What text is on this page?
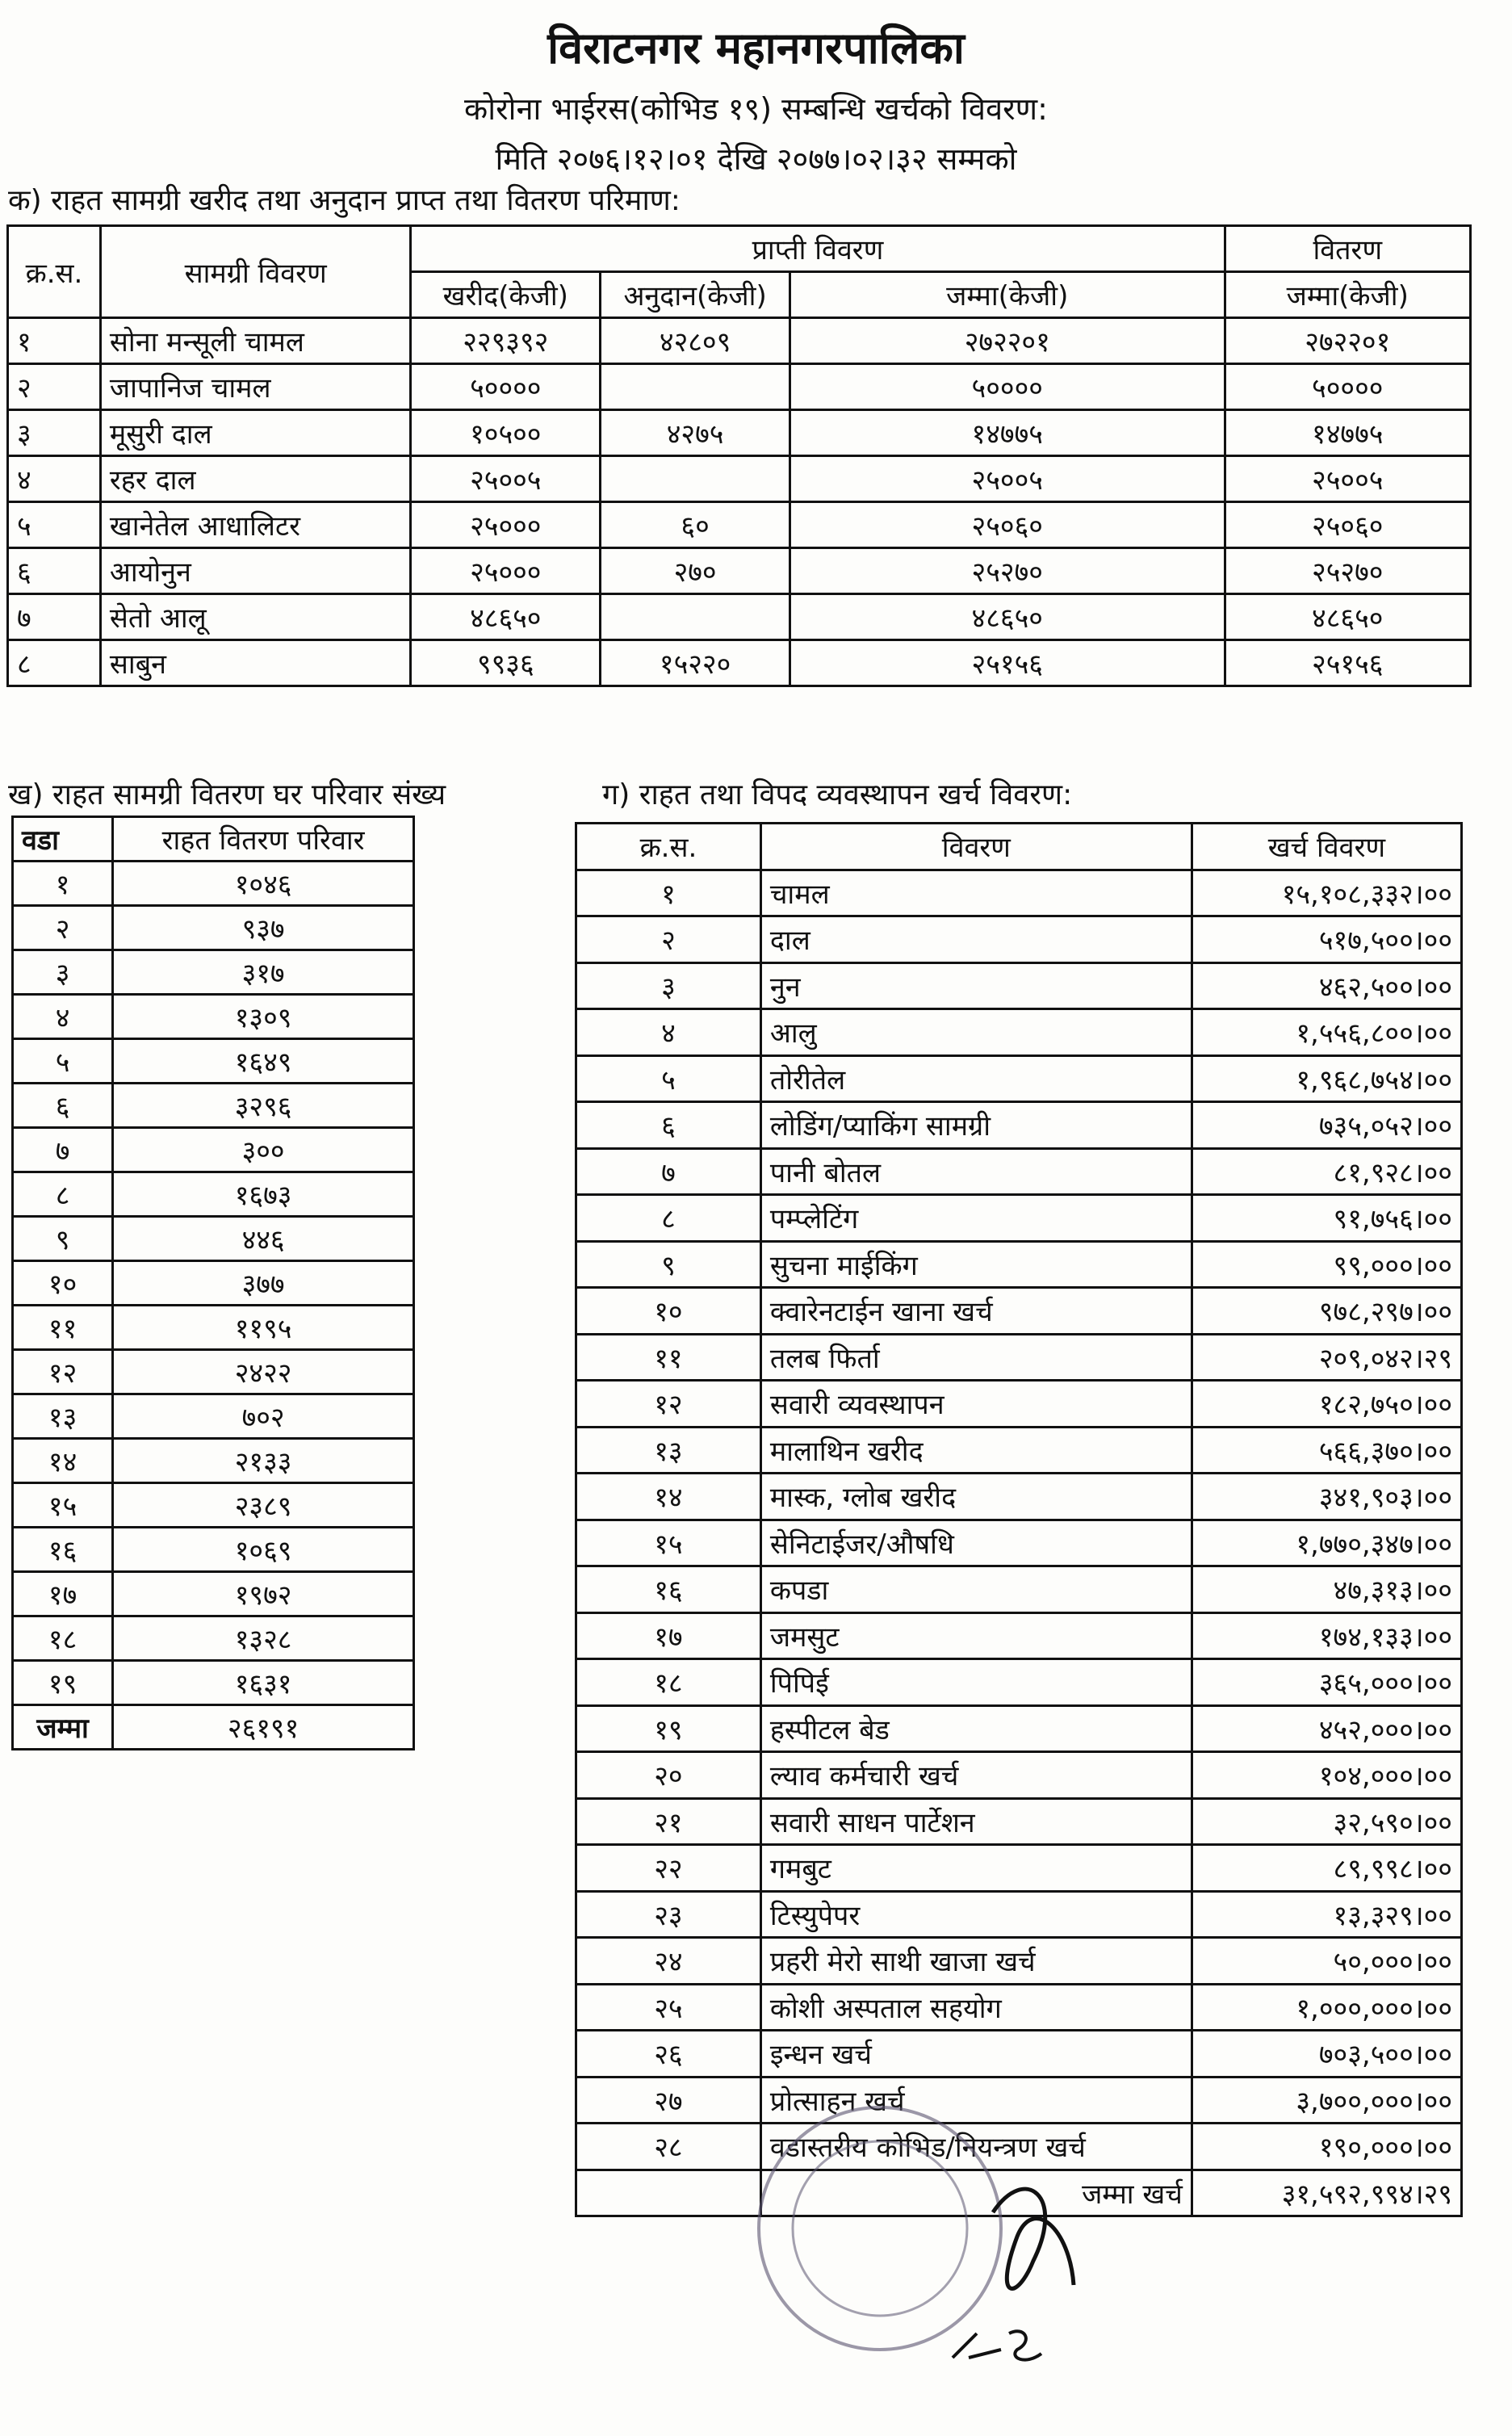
विराटनगर महानगरपालिका
कोरोना भाईरस(कोभिड १९) सम्बन्धि खर्चको विवरण:
मिति २०७६।१२।०१ देखि २०७७।०२।३२ सम्मको
क) राहत सामग्री खरीद तथा अनुदान प्राप्त तथा वितरण परिमाण:
क्र.स.	सामग्री विवरण	प्राप्ती विवरण			वितरण
		खरीद(केजी)	अनुदान(केजी)	जम्मा(केजी)	जम्मा(केजी)
१	सोना मन्सूली चामल	२२९३९२	४२८०९	२७२२०१	२७२२०१
२	जापानिज चामल	५००००		५००००	५००००
३	मूसुरी दाल	१०५००	४२७५	१४७७५	१४७७५
४	रहर दाल	२५००५		२५००५	२५००५
५	खानेतेल आधालिटर	२५०००	६०	२५०६०	२५०६०
६	आयोनुन	२५०००	२७०	२५२७०	२५२७०
७	सेतो आलू	४८६५०		४८६५०	४८६५०
८	साबुन	९९३६	१५२२०	२५१५६	२५१५६
ख) राहत सामग्री वितरण घर परिवार संख्य	ग) राहत तथा विपद व्यवस्थापन खर्च विवरण:
वडा	राहत वितरण परिवार
१	१०४६
२	९३७
३	३१७
४	१३०९
५	१६४९
६	३२९६
७	३००
८	१६७३
९	४४६
१०	३७७
११	११९५
१२	२४२२
१३	७०२
१४	२१३३
१५	२३८९
१६	१०६९
१७	१९७२
१८	१३२८
१९	१६३१
जम्मा	२६१९१
क्र.स.	विवरण	खर्च विवरण
१	चामल	१५,१०८,३३२।००
२	दाल	५१७,५००।००
३	नुन	४६२,५००।००
४	आलु	१,५५६,८००।००
५	तोरीतेल	१,९६८,७५४।००
६	लोडिंग/प्याकिंग सामग्री	७३५,०५२।००
७	पानी बोतल	८१,९२८।००
८	पम्प्लेटिंग	९१,७५६।००
९	सुचना माईकिंग	९९,०००।००
१०	क्वारेनटाईन खाना खर्च	९७८,२९७।००
११	तलब फिर्ता	२०९,०४२।२९
१२	सवारी व्यवस्थापन	१८२,७५०।००
१३	मालाथिन खरीद	५६६,३७०।००
१४	मास्क, ग्लोब खरीद	३४१,९०३।००
१५	सेनिटाईजर/औषधि	१,७७०,३४७।००
१६	कपडा	४७,३१३।००
१७	जमसुट	१७४,१३३।००
१८	पिपिई	३६५,०००।००
१९	हस्पीटल बेड	४५२,०००।००
२०	ल्याव कर्मचारी खर्च	१०४,०००।००
२१	सवारी साधन पार्टेशन	३२,५९०।००
२२	गमबुट	८९,९९८।००
२३	टिस्युपेपर	१३,३२९।००
२४	प्रहरी मेरो साथी खाजा खर्च	५०,०००।००
२५	कोशी अस्पताल सहयोग	१,०००,०००।००
२६	इन्धन खर्च	७०३,५००।००
२७	प्रोत्साहन खर्च	३,७००,०००।००
२८	वडास्तरीय कोभिड/नियन्त्रण खर्च	१९०,०००।००
	जम्मा खर्च	३१,५९२,९९४।२९
